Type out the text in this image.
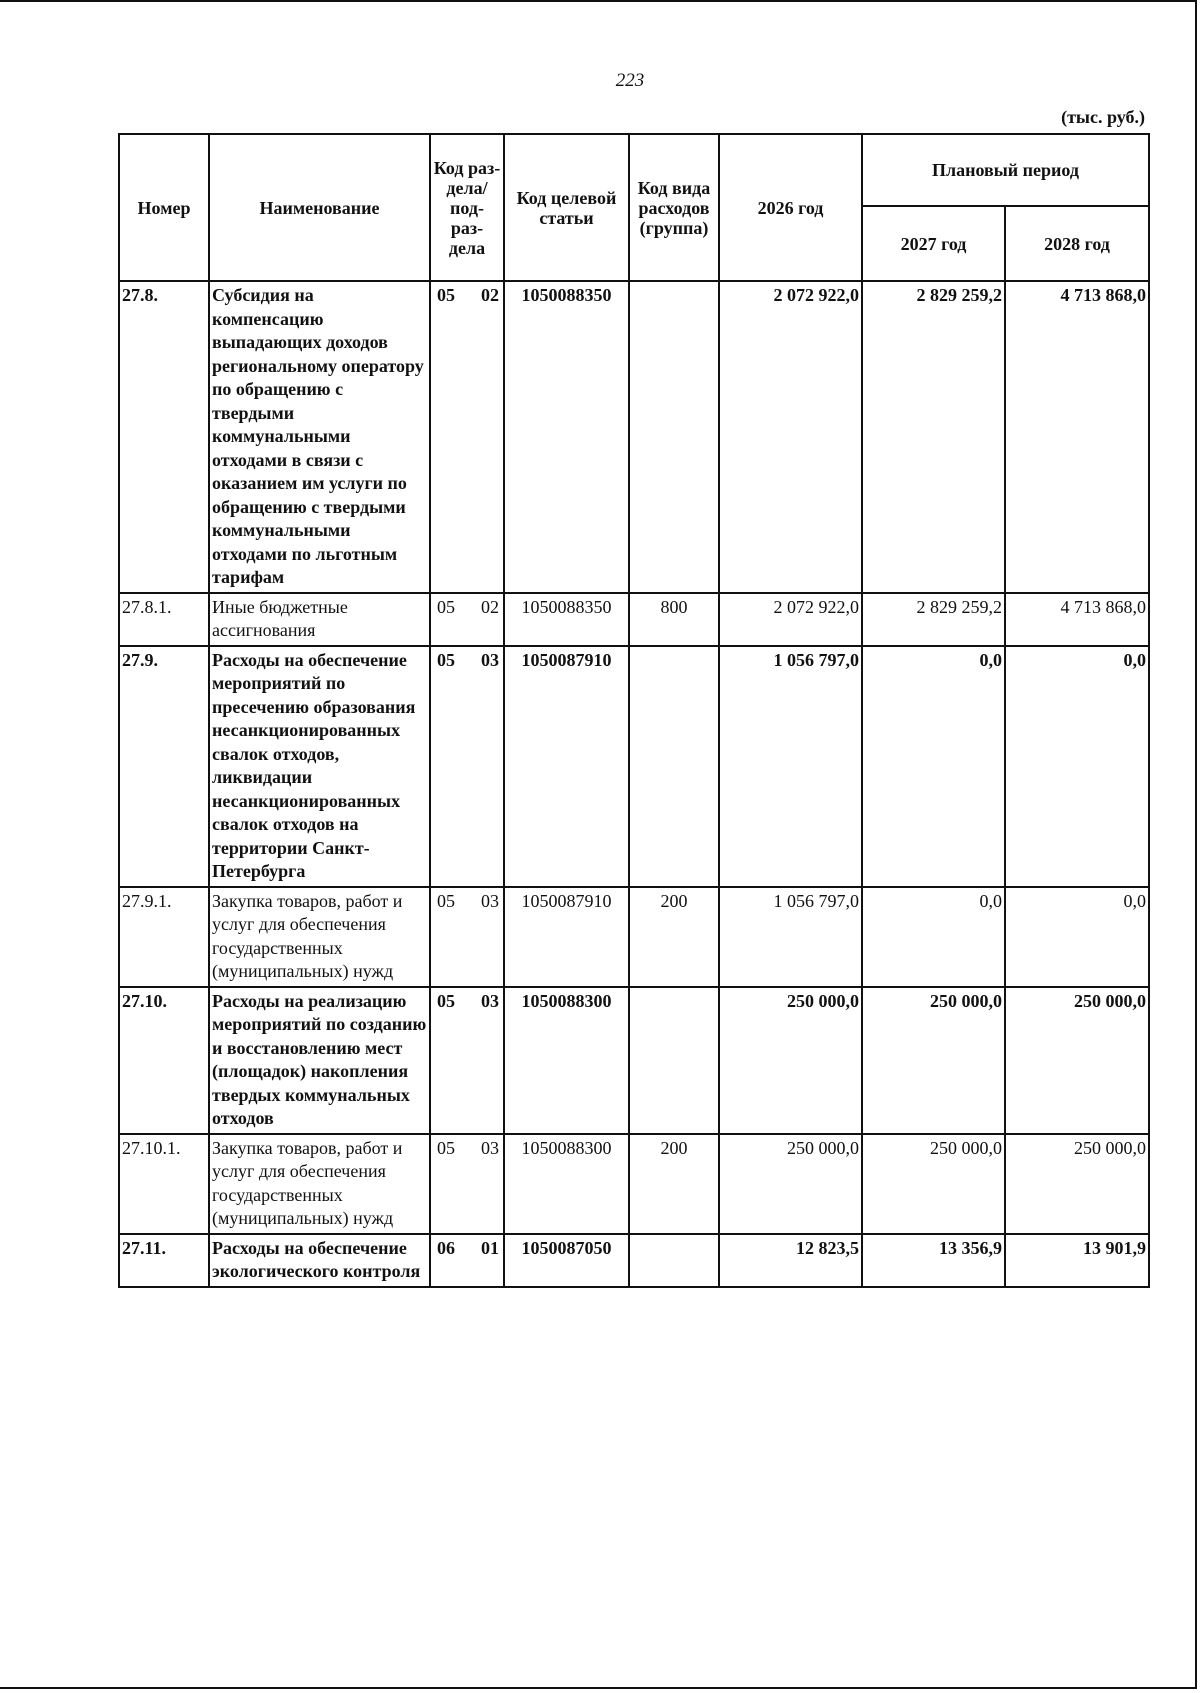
223
(тыс. руб.)
Номер	Наименование	Код раз- дела/ под- раз- дела	Код целевой статьи	Код вида расходов (группа)	2026 год	Плановый период	
						2027 год	2028 год
27.8.	Субсидия на компенсацию выпадающих доходов региональному оператору по обращению с твердыми коммунальными отходами в связи с оказанием им услуги по обращению с твердыми коммунальными отходами по льготным тарифам	05 02	1050088350		2 072 922,0	2 829 259,2	4 713 868,0
27.8.1.	Иные бюджетные ассигнования	05 02	1050088350	800	2 072 922,0	2 829 259,2	4 713 868,0
27.9.	Расходы на обеспечение мероприятий по пресечению образования несанкционированных свалок отходов, ликвидации несанкционированных свалок отходов на территории Санкт-Петербурга	05 03	1050087910		1 056 797,0	0,0	0,0
27.9.1.	Закупка товаров, работ и услуг для обеспечения государственных (муниципальных) нужд	05 03	1050087910	200	1 056 797,0	0,0	0,0
27.10.	Расходы на реализацию мероприятий по созданию и восстановлению мест (площадок) накопления твердых коммунальных отходов	05 03	1050088300		250 000,0	250 000,0	250 000,0
27.10.1.	Закупка товаров, работ и услуг для обеспечения государственных (муниципальных) нужд	05 03	1050088300	200	250 000,0	250 000,0	250 000,0
27.11.	Расходы на обеспечение экологического контроля	06 01	1050087050		12 823,5	13 356,9	13 901,9
